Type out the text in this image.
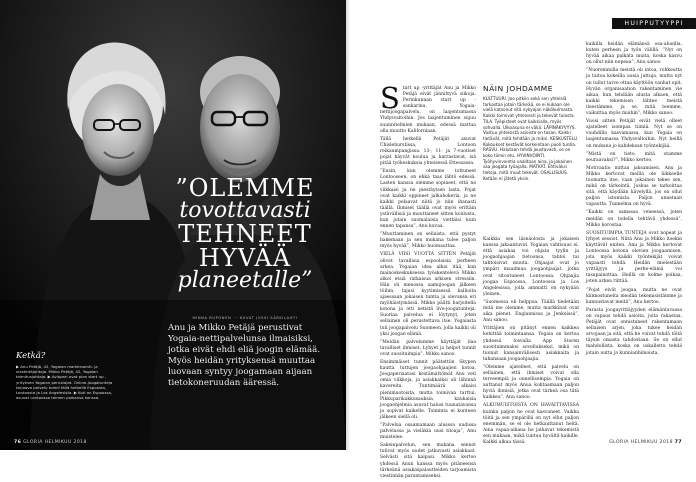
”OLEMME
tovottavasti
TEHNEET
HYVÄÄ
planeetalle”
MINNA RUPONEN ··· KUVAT JUSSI SÄRKILAHTI
Anu ja Mikko Petäjä perustivat Yogaia-nettipalvelunsa ilmaisiksi, jotka eivät ehdi eliä joogin elämää. Myös heidän yrityksensä muuttaa luovaan syntyy joogamaan aijaan tietokoneruudan ääressä.
Ketkä?
▶ Anu Petäjä, 42, Yogaian markkinointi- ja viestintäjohtaja. Mikko Petäjä, 42, Yogaian toimitusjohtaja. ▶ Aviopari ovat pian start up -yrityksen Yogaian perustajat. Online-joogatunteja tarjoava palvelu toimii tällä hetkellä Espoosta, Lontoosta ja Los Angelesista. ▶ Koti on Espoossa, asuvat Lontoossa toimen poikansa kanssa.
76 GLORIA HELMIKUU 2018
HUIPPUTYYPPI
S tart up -yrittäjät Anu ja Mikko Petäjä eivät jännittyvä siikoja. Perinkunnan start up -sankarina, Yogaia-nettijoogapalvelu, on laajentumassa Yhdysvaltoihin. Jos laajentuminen sujuu suunnitelmien mukaan, edessä mattua olla muutto Kaliforniaan.

Tällä hetkellä Petäjät asuvat Chislehurstissa, Lontoon reikaumpangissa. 13-, 11- ja 7-vuotiset pojat käyvät koulua ja harrastavat, isä pitää työkeskuksia yhteisessä Ettessassa.

”Ensin, kun olemme tottuneet Lontooseen, on ehkä taas lähtö edessä. Lasten kanssa olemme sopineet, että ne viikkaisi ja ne piestäytsen lasta. Pojat ovat kaikki oppineet jalkahokeria, ja ne kaikki pelaavat niitä jo niin ihanasti täällä. Ihmiset täällä ovat myös erittäin ystävällisiä ja muuttaneet sitten koulusta, kun jotain suomalaisia viettäisi kuin ennen tapansa”, Anu kuvaa.

”Muuttaminen on sellaista, että pystyt hakemaan ja sen mukana tulee paljon myös hyvää”, Mikko huomauttaa.

VIELÄ VIISI VUOTTA SITTEN Petäjät olivat tavallisia espoolaisia perheen arkea. Yogaian idea alkoi itää, kun mainoskeskuksessa työskentelevä Mikko alkoi etsiä ratkaisua arkisen stressiin. Hän oli menossa aamujoogan jälkeen töihin, tajusi kyytimisessä kallioita ajaessaan jokaisen tuntia ja olevansa eri myöhäistymässä. Mikko päätti harjoitella kotona ja otti netistä live-joogatunteja. Suoriaa palvelua ei löytynyt, joten sellainen oli perustettava itse. Yogaiasta tuli joogapalvelu Suomeen, jolla kaikki oli yksi joogan elämä.

”Meidän palvelumme käyttäjät ilaa tavalliset ihmiset. Lyhyet ja helpot tunnit ovat suosituimpia”, Mikko sanoo.

Ensimmäiset tunnit päätettiin Skypen kautta tuttujen joogaohjaajien kotoa. Joogaperiaatasi kestämättömät Anu veti omia viikkoja, ja asiakkaiksi oli lähinnä kavereita. Tuntimäärä alkaisi pienimuotoista, mutta toimivan tarttui. Pikkuparikakkusauksia, kaukaisia joogaohjelmia asuvat halusi tuunatavansa ja sopivat kaikelle. Toiminta ei kunteen jälkeen siellä oli.

”Palvelua osaamamaan alusssa uudissa palvelussa ja vieläkin uusi tiloaja”, Anu muistelee.

Sakeinpalvelun, sen mukana sennot tulivat myös uudet jatkuvasti asiakkaat. Selvästi sitä kaipasi. Mikko kertoo yhdessä Anun kanssa myös pitäneensä tärkeänä asiakaspalautteiden tarjoamista viestinnän parantamiseksi.

NÄIN JOHDAMME
KULTTUURI. Joo pitkiin sekä sen yhteisiä tarkastaa jotain tärkeää, se ei kukaan ole vielä katsonut sitä nykyajan näkökulmasta. Kaikki toimivat yhteisesti ja tekevät tulosta. TILA. Työpisteet ovat kaikkialla, myös sohvalla. Ulkoasuna ei väliä. LÄPINÄKYVYYS. Vastuu yhteisistä asioista on tasan. Kaikki tietävät, mitä tehdään ja miksi. KESKUSTELU. Kokoukset kestävät korkeintaan puoli tuntia. RASVU. Halutaan tehdä joustavasti, se on koko tiimin etu. HYVINVOINTI. Työhyvinvointia vaalitaan aina, ja jokainen saa joogata työajalla. MATKAT. Ehtiväksi tietoja, mitä muut tekevät. OSALLISUUS. Ketään ei jätetä yksin.

Kaikkia sen läsnäolosta ja jokaisen kanssa jakaantuvat. Yogaian vahtisuus ei, että asiakas voi ohjata tyylin ja joogaohjaajan tietoonsa, tahtoi tai tahtoisivat muuta. Ohjaajat ovat jo ympäri maailmaa joogaohjaajat, jotka ovat sitoutuneet Lontoossa. Ohjaajia joogaa Espoossa, Lontoossa ja Los Angelesissa, jolla ammatti on nykyään yleinen.

”Suomessa oli helppoa. Täällä tiedetään mitä me olemme, mutta markkinat ovat aika pienet. Englannissa ja Jenkeissä”, Anu sanoo.

Yrittäjien on pitänyt ennen kaikkea kehittää toimintaansa. Yogaia on kertoa yhdessä Iosvalla App Storen suosituimmaksi sovellukseksi, mikä on tuonut kansainvälisesti asiakkaita ja tahansaan joogaohjaajia.

”Olemme ajatelleet, että palvelu on sellainen, että ihmiset voivat olla terveempiä ja onnellisempia. Yogaia on auttanut myös Anua kohtaamaan paljon hyviä ihmisiä, jotka ovat tärkeä osa tätä kaikkea”, Anu sanoo.

ALKUMUISTOISTA ON HAVAITTAVISSA kuinka paljon he ovat kasvaneet. Vaikka töitä ja sen ympärillä on nyt ollut paljon enemmän, se ei ole hetkauttanut heitä. Aina vapaa-aikana he jatkavat tekemistä sen mukaan, mikä tuntuu hyvältä kaikille. Kaikki alkaa tässä.

kaikilla heidän elämänsä osa-alueilla, kuten perheen ja työn välillä. ”Nyt on hyvää aikaa palkata muita, koska kasvu on ollut niin nopeaa”, Anu sanoo.

”Nuoremmilla meistä oli intoa, rohkeutta ja taitoa kokeilla uusia juttuja, mutta nyt on tullut tarve ottaa käyttöön vanhat opit. Hyvän organisaation rakentaminen vie aikaa, kun tehdään alusta alkaen, että kaikki tekemisen lähtee meistä itsestämme, ja se, mitä teemme, vaikuttaa myös muihin”, Mikko sanoo.

Vuosi sitten Petäjät eivät vielä olleet ajatelleet isompaa tiimiä. Nyt se on vauhdilla kasvamassa, kun Yogaia on laajentumassa Yhdysvaltoihin. Nyt heillä on mukana jo kahdeksan työntekijää.

”Mistä on tieto, mitä otamme seuraavaksi?”, Mikko kertoo.

Motivaatio mittaa jaksamisen. Anu ja Mikko kertovat meillä ole liikkeelle tuomatta itse, vaan jokainen tekee sen, mikä on tärkeintä. Joskus se tarkoittaa sitä, että käydään kävelyllä, jos on ollut paljon istumista. Paljon annetaan vapautta. Tunnelma on hyvä.

”Kaikki on samassa veneessä, joten meidän on todella tehtävä yhdessä”, Mikko korostaa.

SUOSITUIMPIA TUNTEJA ovat nopeat ja lyhyet sessiot. Niitä Anu ja Mikko itsekin käyttävät eniten. Anu ja Mikko kertovat Lontoossa kotona olevien joogaamisen, jota myös kaikki työntekijät voivat vapaasti tehdä. Heidän mielestään yrittäjyys ja perhe-elämä voi tasapainottaa. Heillä on kolme poikaa, joten arkea riittää.

”Pojat eivät joogaa, mutta ne ovat kiinnostuneita meidän tekemisistämme ja kannustavat meitä”, Anu kertoo.

Parasta joogayrittäjyyden elämäntavassa on vapaus tehdä asioita, joita rakastaa. Petäjät ovat onnistuneet rakentamaan sellaisen arjen, joka tukee heidän arvojaan ja sitä, että he voivat tehdä töitä täysin omasta tahdostaan. Se on ollut mahdollista, koska on uskallettu tehdä jotain uutta ja kunnianhimoista.

GLORIA HELMIKUU 2018 77
